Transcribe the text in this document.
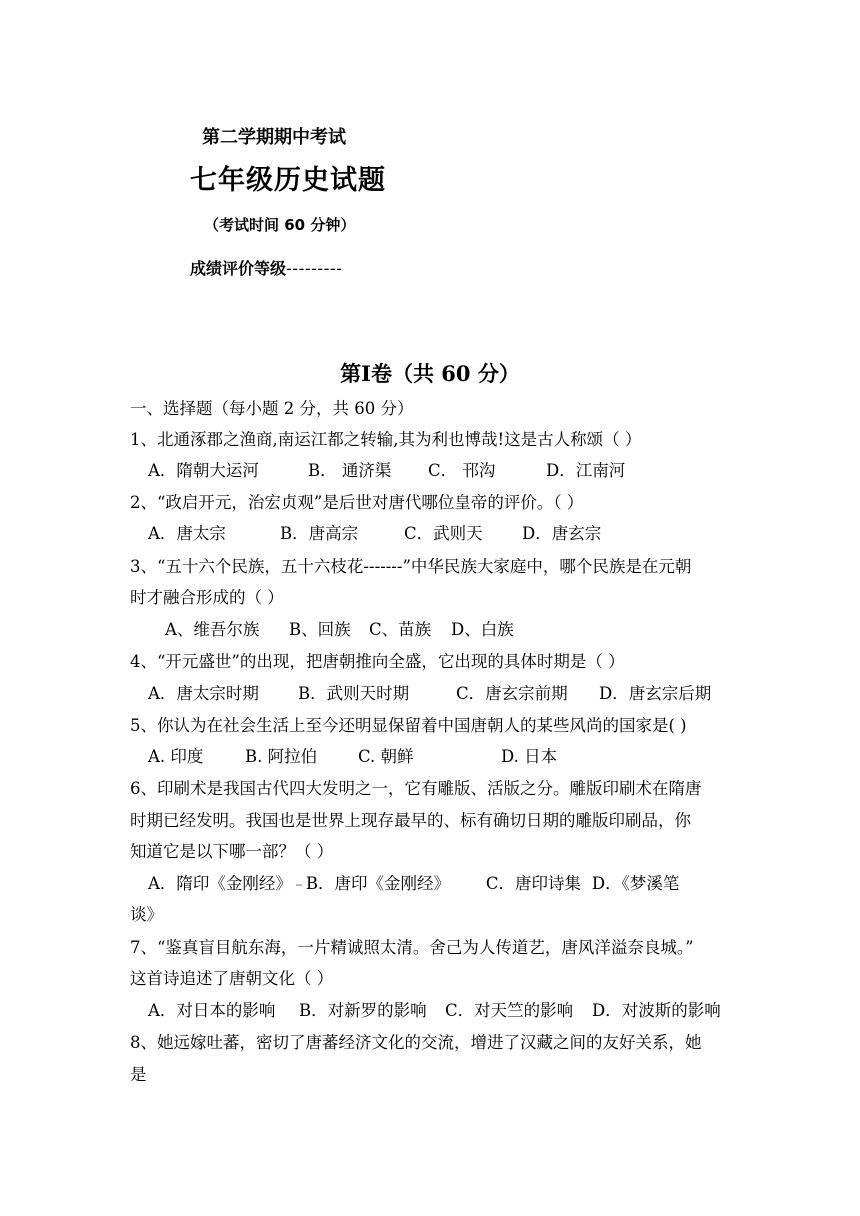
第二学期期中考试
七年级历史试题
（考试时间 60 分钟）
成绩评价等级---------
第Ⅰ卷（共 60 分）
一、选择题（每小题 2 分，共 60 分）
1、北通涿郡之渔商,南运江都之转输,其为利也博哉!这是古人称颂（ ）
A．隋朝大运河	B． 通济渠 C． 邗沟	D．江南河
2、“政启开元，治宏贞观”是后世对唐代哪位皇帝的评价。（ ）
A．唐太宗	B．唐高宗	C．武则天 D．唐玄宗
3、“五十六个民族，五十六枝花-------”中华民族大家庭中，哪个民族是在元朝
时才融合形成的（ ）
A、维吾尔族 B、回族 C、苗族 D、白族
4、“开元盛世”的出现，把唐朝推向全盛，它出现的具体时期是（ ）
A．唐太宗时期 B．武则天时期	C．唐玄宗前期 D．唐玄宗后期
5、你认为在社会生活上至今还明显保留着中国唐朝人的某些风尚的国家是( )
A. 印度	B. 阿拉伯 C. 朝鲜	D. 日本
6、印刷术是我国古代四大发明之一，它有雕版、活版之分。雕版印刷术在隋唐
时期已经发明。我国也是世界上现存最早的、标有确切日期的雕版印刷品，你
知道它是以下哪一部？（ ）
A．隋印《金刚经》 B．唐印《金刚经》 C．唐印诗集 D．《梦溪笔
谈》
7、“鉴真盲目航东海，一片精诚照太清。舍己为人传道艺，唐风洋溢奈良城。”
这首诗追述了唐朝文化（ ）
A．对日本的影响 B．对新罗的影响 C．对天竺的影响 D．对波斯的影响
8、她远嫁吐蕃，密切了唐蕃经济文化的交流，增进了汉藏之间的友好关系，她
是
